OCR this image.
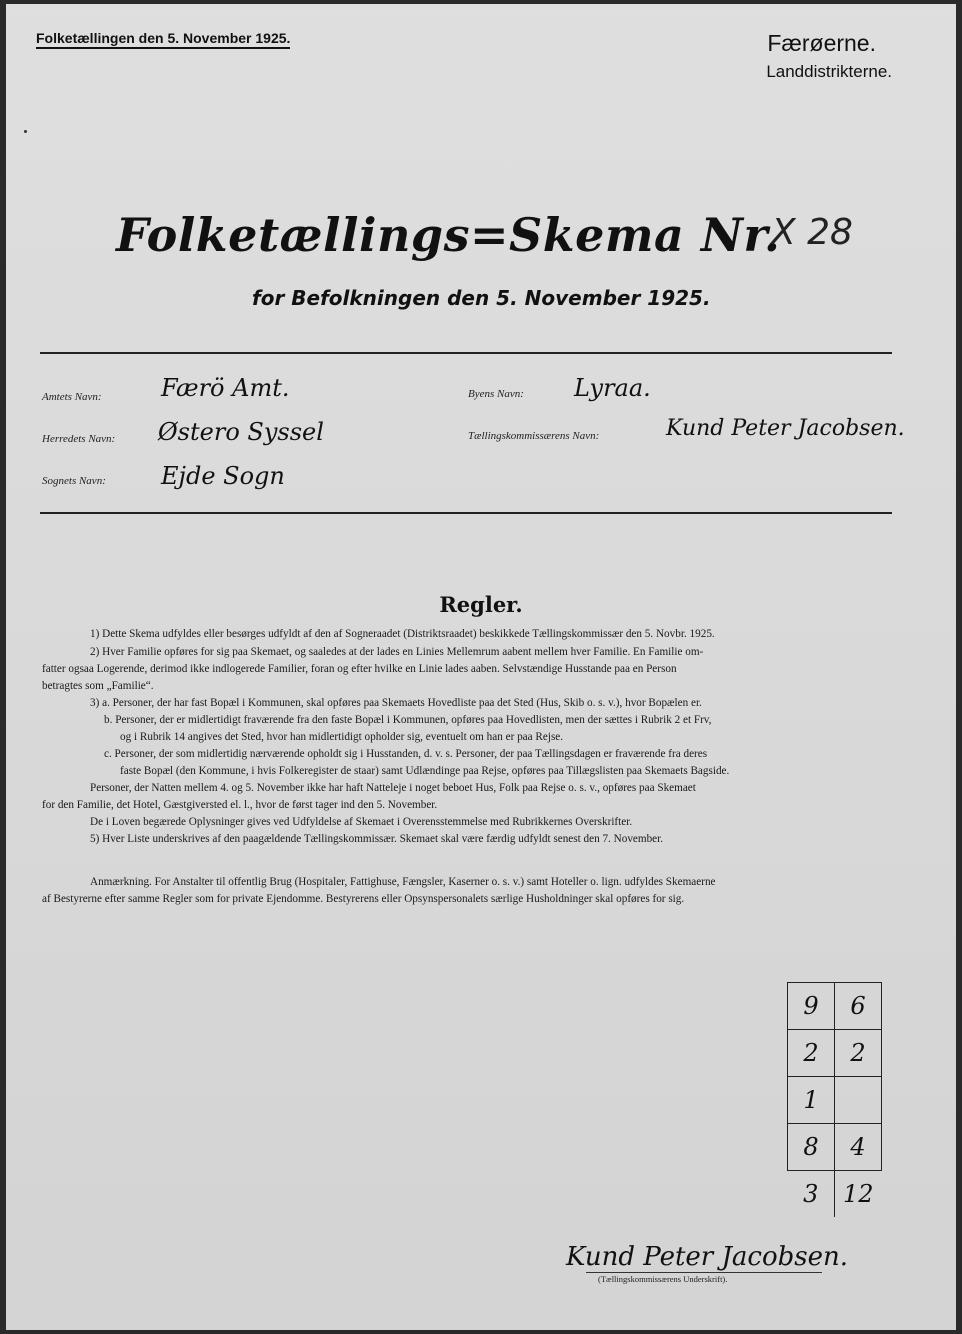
Folketællingen den 5. November 1925.	Færøerne.
Landdistrikterne.
Folketællings=Skema Nr.
X 28
for Befolkningen den 5. November 1925.
Amtets Navn: Færö Amt.	Byens Navn: Lyraa.
Herredets Navn: Østero Syssel	Tællingskommissærens Navn:	Kund Peter Jacobsen.
Sognets Navn: Ejde Sogn
Regler.
1) Dette Skema udfyldes eller besørges udfyldt af den af Sogneraadet (Distriktsraadet) beskikkede Tællingskommissær den 5. Novbr. 1925.
2) Hver Familie opføres for sig paa Skemaet, og saaledes at der lades en Linies Mellemrum aabent mellem hver Familie. En Familie om-
fatter ogsaa Logerende, derimod ikke indlogerede Familier, foran og efter hvilke en Linie lades aaben. Selvstændige Husstande paa en Person
betragtes som „Familie“.
3) a. Personer, der har fast Bopæl i Kommunen, skal opføres paa Skemaets Hovedliste paa det Sted (Hus, Skib o. s. v.), hvor Bopælen er.
b. Personer, der er midlertidigt fraværende fra den faste Bopæl i Kommunen, opføres paa Hovedlisten, men der sættes i Rubrik 2 et Frv,
og i Rubrik 14 angives det Sted, hvor han midlertidigt opholder sig, eventuelt om han er paa Rejse.
c. Personer, der som midlertidig nærværende opholdt sig i Husstanden, d. v. s. Personer, der paa Tællingsdagen er fraværende fra deres
faste Bopæl (den Kommune, i hvis Folkeregister de staar) samt Udlændinge paa Rejse, opføres paa Tillægslisten paa Skemaets Bagside.
Personer, der Natten mellem 4. og 5. November ikke har haft Natteleje i noget beboet Hus, Folk paa Rejse o. s. v., opføres paa Skemaet
for den Familie, det Hotel, Gæstgiversted el. l., hvor de først tager ind den 5. November.
De i Loven begærede Oplysninger gives ved Udfyldelse af Skemaet i Overensstemmelse med Rubrikkernes Overskrifter.
5) Hver Liste underskrives af den paagældende Tællingskommissær. Skemaet skal være færdig udfyldt senest den 7. November.
Anmærkning. For Anstalter til offentlig Brug (Hospitaler, Fattighuse, Fængsler, Kaserner o. s. v.) samt Hoteller o. lign. udfyldes Skemaerne
af Bestyrerne efter samme Regler som for private Ejendomme. Bestyrerens eller Opsynspersonalets særlige Husholdninger skal opføres for sig.
9	6
2	2
1	
8	4
3	12
Kund Peter Jacobsen.
(Tællingskommissærens Underskrift).
